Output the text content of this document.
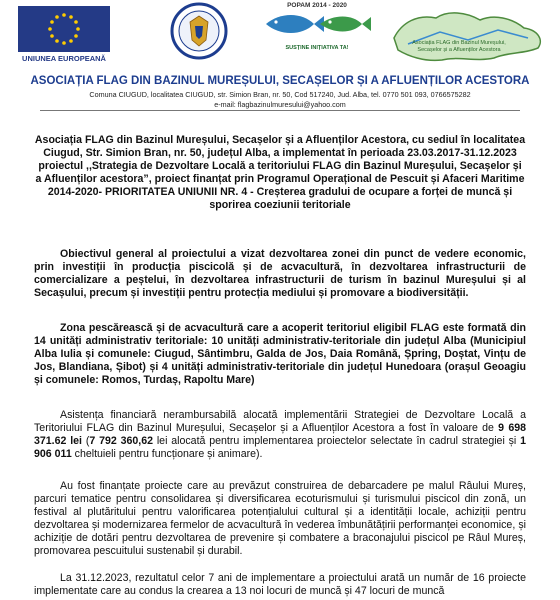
UNIUNEA EUROPEANĂ
POPAM 2014 - 2020
SUSȚINE INIȚIATIVA TA!
Asociația FLAG din Bazinul Mureșului, Secașelor și a Afluenților Acestora
ASOCIAȚIA FLAG DIN BAZINUL MUREȘULUI, SECAȘELOR ȘI A AFLUENȚILOR ACESTORA
Comuna CIUGUD, localitatea CIUGUD, str. Simion Bran, nr. 50, Cod 517240, Jud. Alba, tel. 0770 501 093, 0766575282
e-mail: flagbazinulmuresului@yahoo.com
Asociația FLAG din Bazinul Mureșului, Secașelor și a Afluenților Acestora, cu sediul în localitatea Ciugud, Str. Simion Bran, nr. 50, județul Alba, a implementat în perioada 23.03.2017-31.12.2023 proiectul ,,Strategia de Dezvoltare Locală a teritoriului FLAG din Bazinul Mureșului, Secașelor și a Afluenților acestora”, proiect finanțat prin Programul Operațional de Pescuit și Afaceri Maritime 2014-2020- PRIORITATEA UNIUNII NR. 4 - Creșterea gradului de ocupare a forței de muncă și sporirea coeziunii teritoriale
Obiectivul general al proiectului a vizat dezvoltarea zonei din punct de vedere economic, prin investiții în producția piscicolă și de acvacultură, în dezvoltarea infrastructurii de comercializare a peștelui, în dezvoltarea infrastructurii de turism în bazinul Mureșului și al Secașului, precum și investiții pentru protecția mediului și promovare a biodiversității.
Zona pescărească și de acvacultură care a acoperit teritoriul eligibil FLAG este formată din 14 unități administrativ teritoriale: 10 unități administrativ-teritoriale din județul Alba (Municipiul Alba Iulia și comunele: Ciugud, Sântimbru, Galda de Jos, Daia Română, Șpring, Doștat, Vințu de Jos, Blandiana, Șibot) și 4 unități administrativ-teritoriale din județul Hunedoara (orașul Geoagiu și comunele: Romos, Turdaș, Rapoltu Mare)
Asistența financiară nerambursabilă alocată implementării Strategiei de Dezvoltare Locală a Teritoriului FLAG din Bazinul Mureșului, Secașelor și a Afluenților Acestora a fost în valoare de 9 698 371.62 lei (7 792 360,62 lei alocată pentru implementarea proiectelor selectate în cadrul strategiei și 1 906 011 cheltuieli pentru funcționare și animare).
Au fost finanțate proiecte care au prevăzut construirea de debarcadere pe malul Râului Mureș, parcuri tematice pentru consolidarea și diversificarea ecoturismului și turismului piscicol din zonă, un festival al plutăritului pentru valorificarea potențialului cultural și a identității locale, achiziții pentru dezvoltarea și modernizarea fermelor de acvacultură în vederea îmbunătățirii performanței economice, și achiziție de dotări pentru dezvoltarea de prevenire și combatere a braconajului piscicol pe Râul Mureș, promovarea pescuitului sustenabil și durabil.
La 31.12.2023, rezultatul celor 7 ani de implementare a proiectului arată un număr de 16 proiecte implementate care au condus la crearea a 13 noi locuri de muncă și 47 locuri de muncă
